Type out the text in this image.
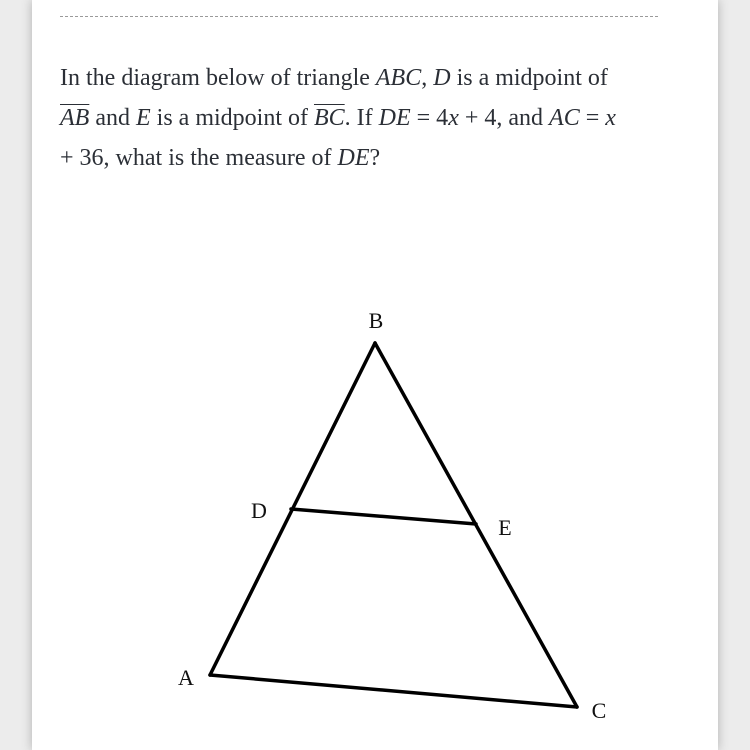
In the diagram below of triangle ABC, D is a midpoint of $\overline{AB}$ and E is a midpoint of $\overline{BC}$. If DE = 4x + 4, and AC = x + 36, what is the measure of DE?
B
D
E
A
C
